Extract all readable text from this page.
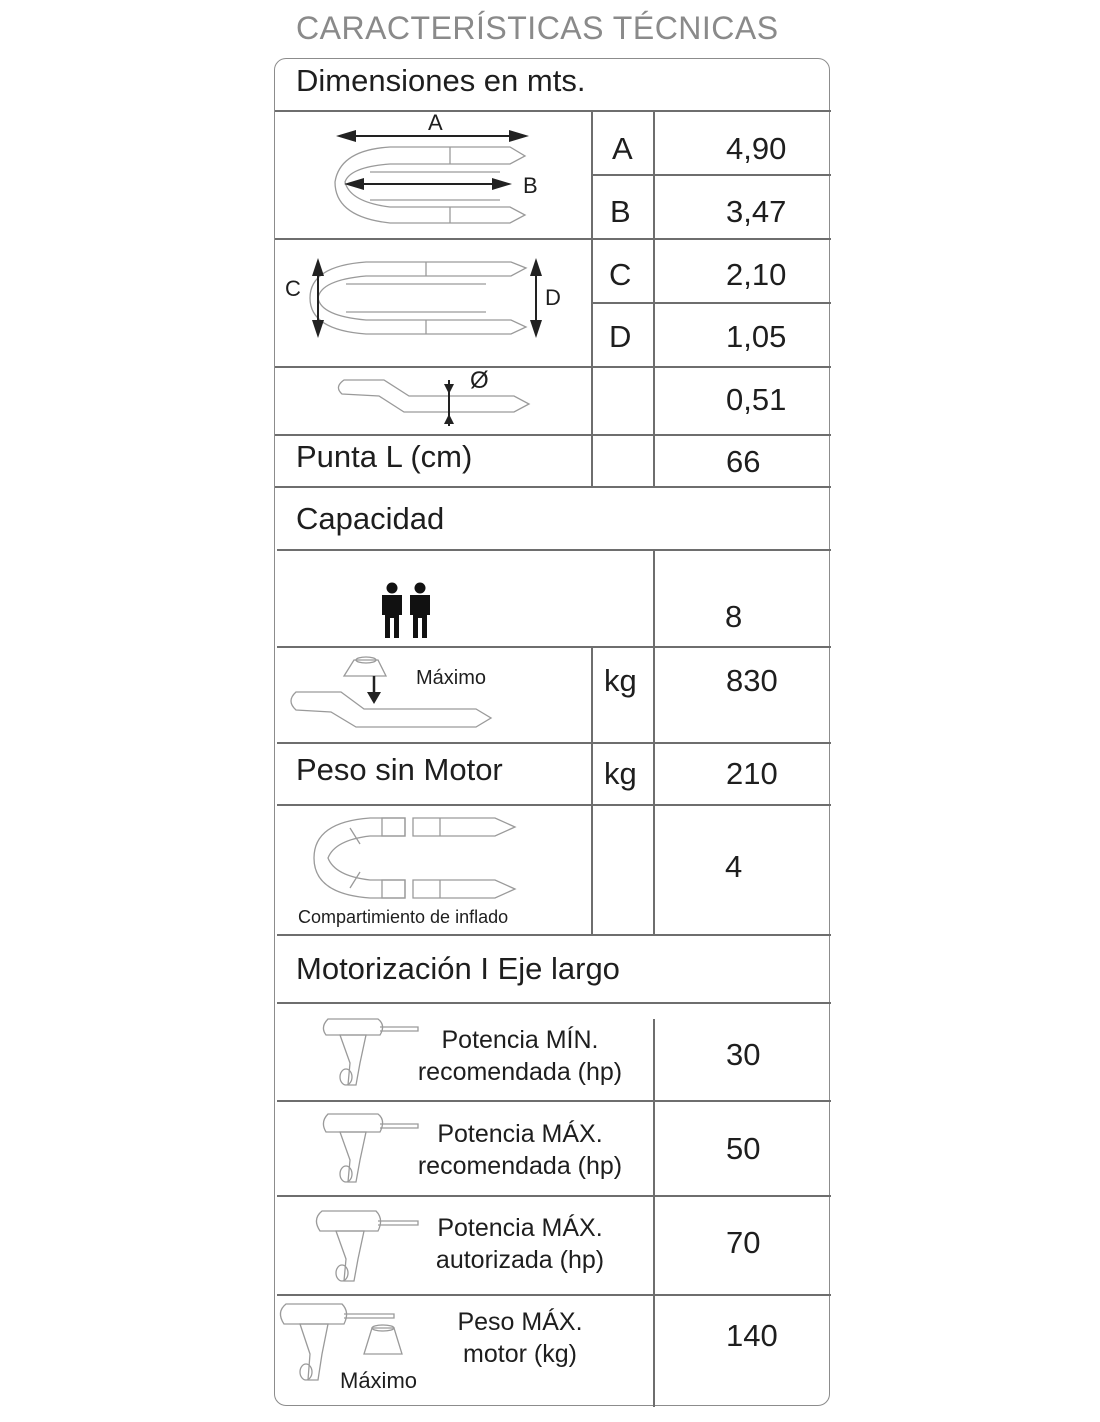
CARACTERÍSTICAS TÉCNICAS
Dimensiones en mts.
A
B
C	D
Ø
A	4,90
B	3,47
C	2,10
D	1,05
0,51
Punta L (cm)	66
Capacidad
8
Máximo	kg	830
Peso sin Motor	kg	210
Compartimiento de inflado
4
Motorización I Eje largo
Potencia MÍN.
recomendada (hp)	30
Potencia MÁX.
recomendada (hp)	50
Potencia MÁX.
autorizada (hp)	70
Máximo
Peso MÁX.
motor (kg)
140
